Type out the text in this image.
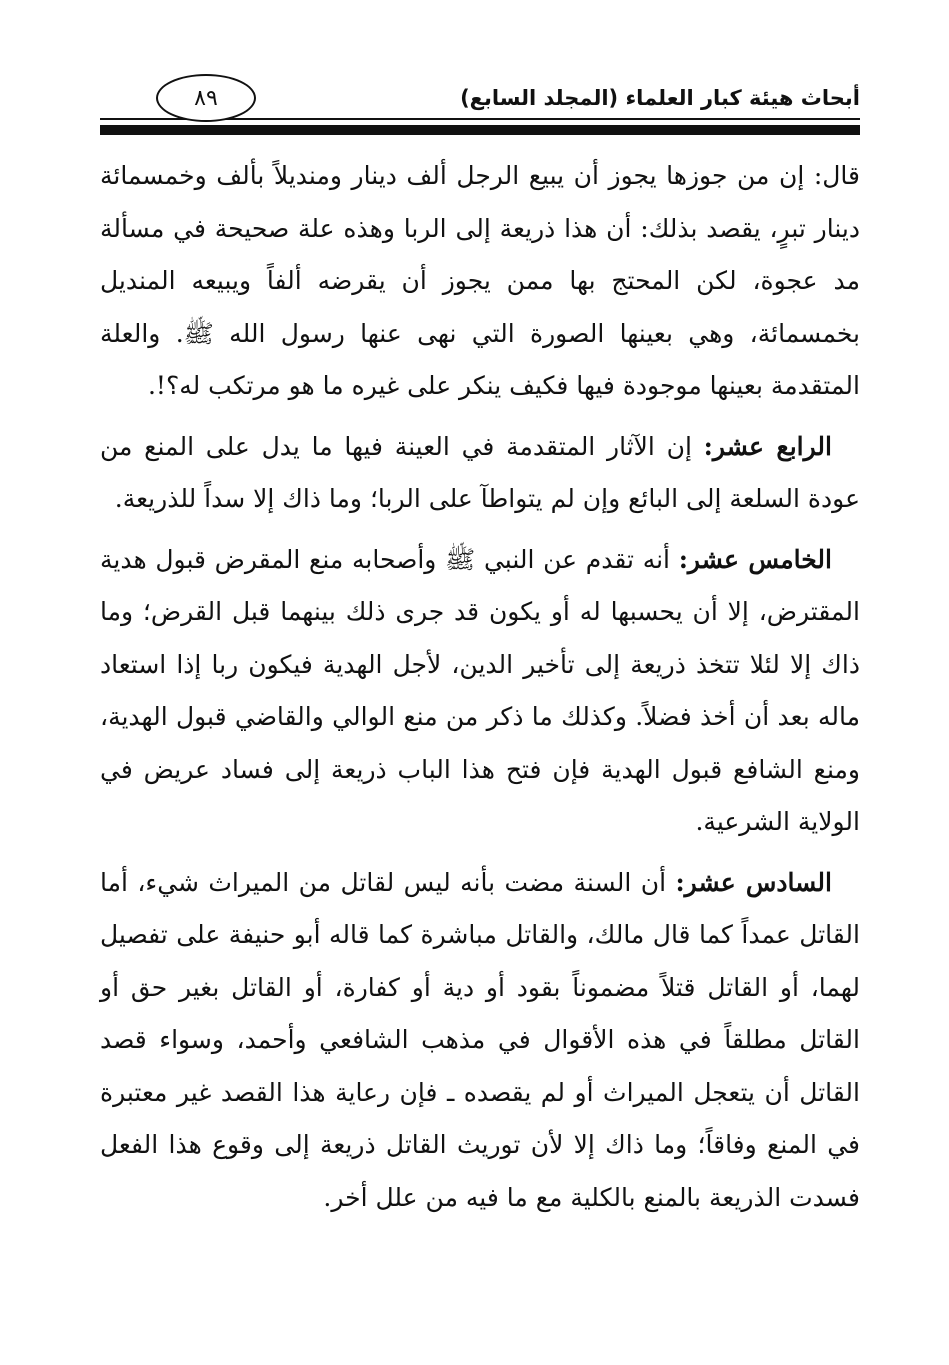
٨٩	أبحاث هيئة كبار العلماء (المجلد السابع)

قال: إن من جوزها يجوز أن يبيع الرجل ألف دينار ومنديلاً بألف وخمسمائة دينار تبرٍ، يقصد بذلك: أن هذا ذريعة إلى الربا وهذه علة صحيحة في مسألة مد عجوة، لكن المحتج بها ممن يجوز أن يقرضه ألفاً ويبيعه المنديل بخمسمائة، وهي بعينها الصورة التي نهى عنها رسول الله ﷺ. والعلة المتقدمة بعينها موجودة فيها فكيف ينكر على غيره ما هو مرتكب له؟!.

الرابع عشر: إن الآثار المتقدمة في العينة فيها ما يدل على المنع من عودة السلعة إلى البائع وإن لم يتواطآ على الربا؛ وما ذاك إلا سداً للذريعة.

الخامس عشر: أنه تقدم عن النبي ﷺ وأصحابه منع المقرض قبول هدية المقترض، إلا أن يحسبها له أو يكون قد جرى ذلك بينهما قبل القرض؛ وما ذاك إلا لئلا تتخذ ذريعة إلى تأخير الدين، لأجل الهدية فيكون ربا إذا استعاد ماله بعد أن أخذ فضلاً. وكذلك ما ذكر من منع الوالي والقاضي قبول الهدية، ومنع الشافع قبول الهدية فإن فتح هذا الباب ذريعة إلى فساد عريض في الولاية الشرعية.

السادس عشر: أن السنة مضت بأنه ليس لقاتل من الميراث شيء، أما القاتل عمداً كما قال مالك، والقاتل مباشرة كما قاله أبو حنيفة على تفصيل لهما، أو القاتل قتلاً مضموناً بقود أو دية أو كفارة، أو القاتل بغير حق أو القاتل مطلقاً في هذه الأقوال في مذهب الشافعي وأحمد، وسواء قصد القاتل أن يتعجل الميراث أو لم يقصده ـ فإن رعاية هذا القصد غير معتبرة في المنع وفاقاً؛ وما ذاك إلا لأن توريث القاتل ذريعة إلى وقوع هذا الفعل فسدت الذريعة بالمنع بالكلية مع ما فيه من علل أخر.
